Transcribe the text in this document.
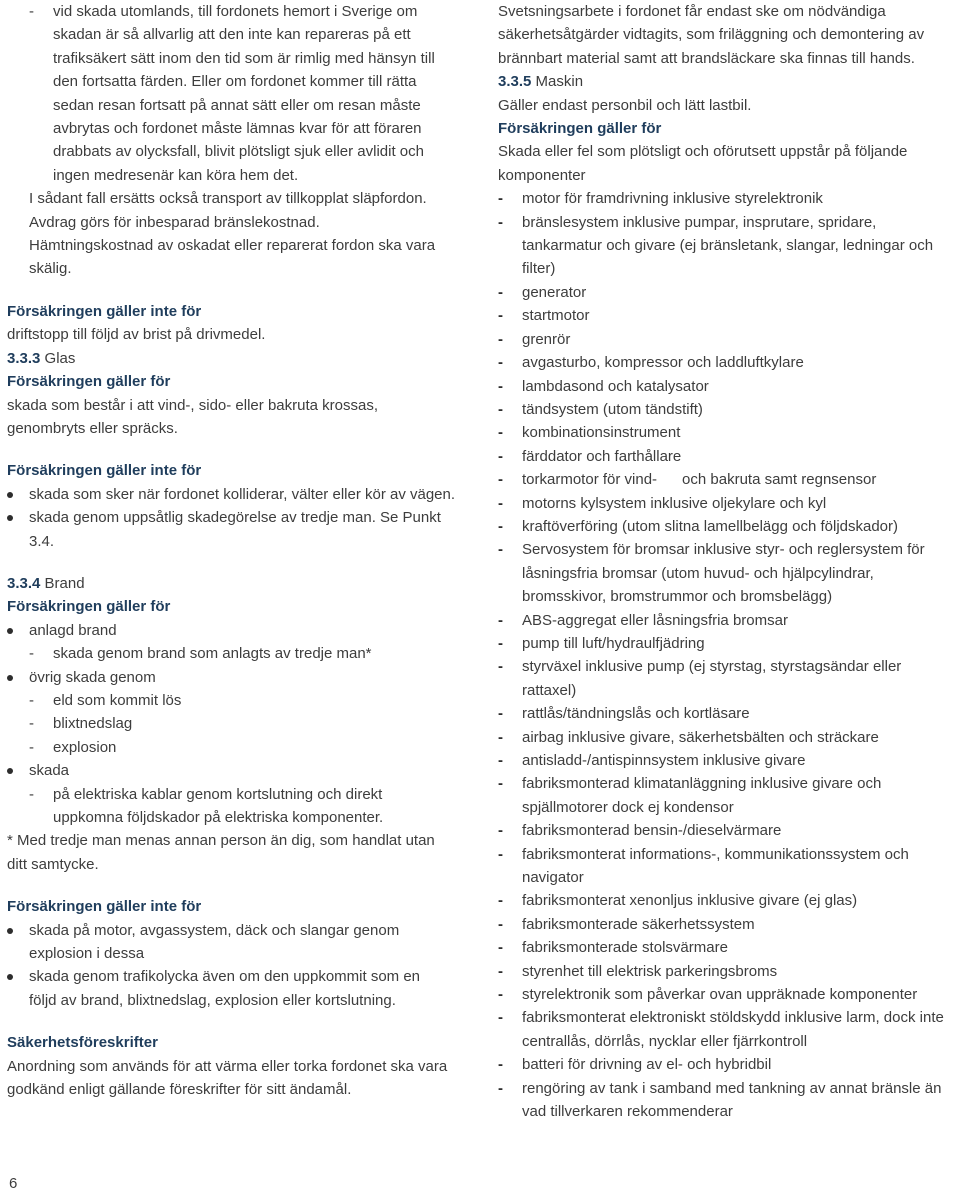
- vid skada utomlands, till fordonets hemort i Sverige om
skadan är så allvarlig att den inte kan repareras på ett
trafiksäkert sätt inom den tid som är rimlig med hänsyn till
den fortsatta färden. Eller om fordonet kommer till rätta
sedan resan fortsatt på annat sätt eller om resan måste
avbrytas och fordonet måste lämnas kvar för att föraren
drabbats av olycksfall, blivit plötsligt sjuk eller avlidit och
ingen medresenär kan köra hem det.
I sådant fall ersätts också transport av tillkopplat släpfordon.
Avdrag görs för inbesparad bränslekostnad.
Hämtningskostnad av oskadat eller reparerat fordon ska vara
skälig.
Försäkringen gäller inte för
driftstopp till följd av brist på drivmedel.
3.3.3 Glas
Försäkringen gäller för
skada som består i att vind-, sido- eller bakruta krossas,
genombryts eller spräcks.
Försäkringen gäller inte för
skada som sker när fordonet kolliderar, välter eller kör av vägen.
skada genom uppsåtlig skadegörelse av tredje man. Se Punkt
3.4.
3.3.4 Brand
Försäkringen gäller för
anlagd brand
- skada genom brand som anlagts av tredje man*
övrig skada genom
- eld som kommit lös
- blixtnedslag
- explosion
skada
- på elektriska kablar genom kortslutning och direkt
uppkomna följdskador på elektriska komponenter.
* Med tredje man menas annan person än dig, som handlat utan
ditt samtycke.
Försäkringen gäller inte för
skada på motor, avgassystem, däck och slangar genom
explosion i dessa
skada genom trafikolycka även om den uppkommit som en
följd av brand, blixtnedslag, explosion eller kortslutning.
Säkerhetsföreskrifter
Anordning som används för att värma eller torka fordonet ska vara
godkänd enligt gällande föreskrifter för sitt ändamål.
Svetsningsarbete i fordonet får endast ske om nödvändiga
säkerhetsåtgärder vidtagits, som friläggning och demontering av
brännbart material samt att brandsläckare ska finnas till hands.
3.3.5 Maskin
Gäller endast personbil och lätt lastbil.
Försäkringen gäller för
Skada eller fel som plötsligt och oförutsett uppstår på följande
komponenter
- motor för framdrivning inklusive styrelektronik
- bränslesystem inklusive pumpar, insprutare, spridare,
tankarmatur och givare (ej bränsletank, slangar, ledningar och
filter)
- generator
- startmotor
- grenrör
- avgasturbo, kompressor och laddluftkylare
- lambdasond och katalysator
- tändsystem (utom tändstift)
- kombinationsinstrument
- färddator och farthållare
- torkarmotor för vind-      och bakruta samt regnsensor
- motorns kylsystem inklusive oljekylare och kyl
- kraftöverföring (utom slitna lamellbelägg och följdskador)
- Servosystem för bromsar inklusive styr- och reglersystem för
låsningsfria bromsar (utom huvud- och hjälpcylindrar,
bromsskivor, bromstrummor och bromsbelägg)
- ABS-aggregat eller låsningsfria bromsar
- pump till luft/hydraulfjädring
- styrväxel inklusive pump (ej styrstag, styrstagsändar eller
rattaxel)
- rattlås/tändningslås och kortläsare
- airbag inklusive givare, säkerhetsbälten och sträckare
- antisladd-/antispinnsystem inklusive givare
- fabriksmonterad klimatanläggning inklusive givare och
spjällmotorer dock ej kondensor
- fabriksmonterad bensin-/dieselvärmare
- fabriksmonterat informations-, kommunikationssystem och
navigator
- fabriksmonterat xenonljus inklusive givare (ej glas)
- fabriksmonterade säkerhetssystem
- fabriksmonterade stolsvärmare
- styrenhet till elektrisk parkeringsbroms
- styrelektronik som påverkar ovan uppräknade komponenter
- fabriksmonterat elektroniskt stöldskydd inklusive larm, dock inte
centrallås, dörrlås, nycklar eller fjärrkontroll
- batteri för drivning av el- och hybridbil
- rengöring av tank i samband med tankning av annat bränsle än
vad tillverkaren rekommenderar
6
